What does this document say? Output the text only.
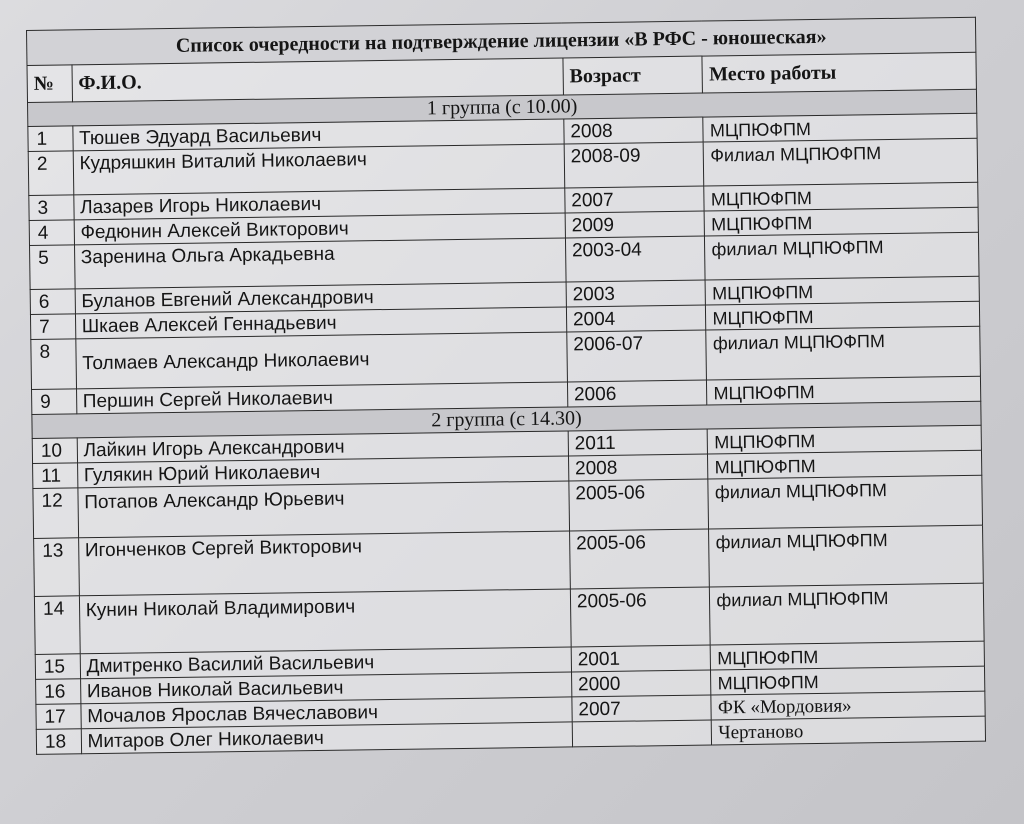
Список очередности на подтверждение лицензии «В РФС - юношеская»			
№	Ф.И.О.	Возраст	Место работы
1 группа (с 10.00)			
1	Тюшев Эдуард Васильевич	2008	МЦПЮФПМ
2	Кудряшкин Виталий Николаевич	2008-09	Филиал МЦПЮФПМ
3	Лазарев Игорь Николаевич	2007	МЦПЮФПМ
4	Федюнин Алексей Викторович	2009	МЦПЮФПМ
5	Заренина Ольга Аркадьевна	2003-04	филиал МЦПЮФПМ
6	Буланов Евгений Александрович	2003	МЦПЮФПМ
7	Шкаев Алексей Геннадьевич	2004	МЦПЮФПМ
8	Толмаев Александр Николаевич	2006-07	филиал МЦПЮФПМ
9	Першин Сергей Николаевич	2006	МЦПЮФПМ
2 группа (с 14.30)			
10	Лайкин Игорь Александрович	2011	МЦПЮФПМ
11	Гулякин Юрий Николаевич	2008	МЦПЮФПМ
12	Потапов Александр Юрьевич	2005-06	филиал МЦПЮФПМ
13	Игонченков Сергей Викторович	2005-06	филиал МЦПЮФПМ
14	Кунин Николай Владимирович	2005-06	филиал МЦПЮФПМ
15	Дмитренко Василий Васильевич	2001	МЦПЮФПМ
16	Иванов Николай Васильевич	2000	МЦПЮФПМ
17	Мочалов Ярослав Вячеславович	2007	ФК «Мордовия»
18	Митаров Олег Николаевич		Чертаново
